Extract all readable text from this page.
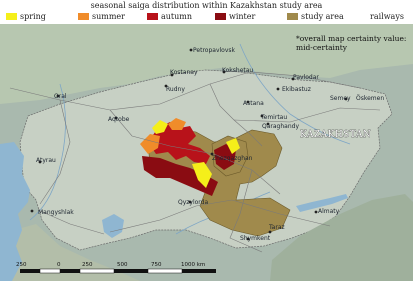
seasonal saiga distribution within Kazakhstan study area
spring	summer	autumn	winter	study area	railways
Petropavlovsk
Kostanay	Kokshetau
Rudny
Pavlodar
Ekibastuz
Semey Öskemen
Oral
Astana
Aqtobe	Temirtau
Qaraghandy
Atyrau	Zhezqazghan
Qyzylorda
Almaty
Mangyshlak
Taraz
Shymkent
KAZAKHSTAN
250	0	250	500	750	1000 km
*overall map certainty value:
mid-certainty
